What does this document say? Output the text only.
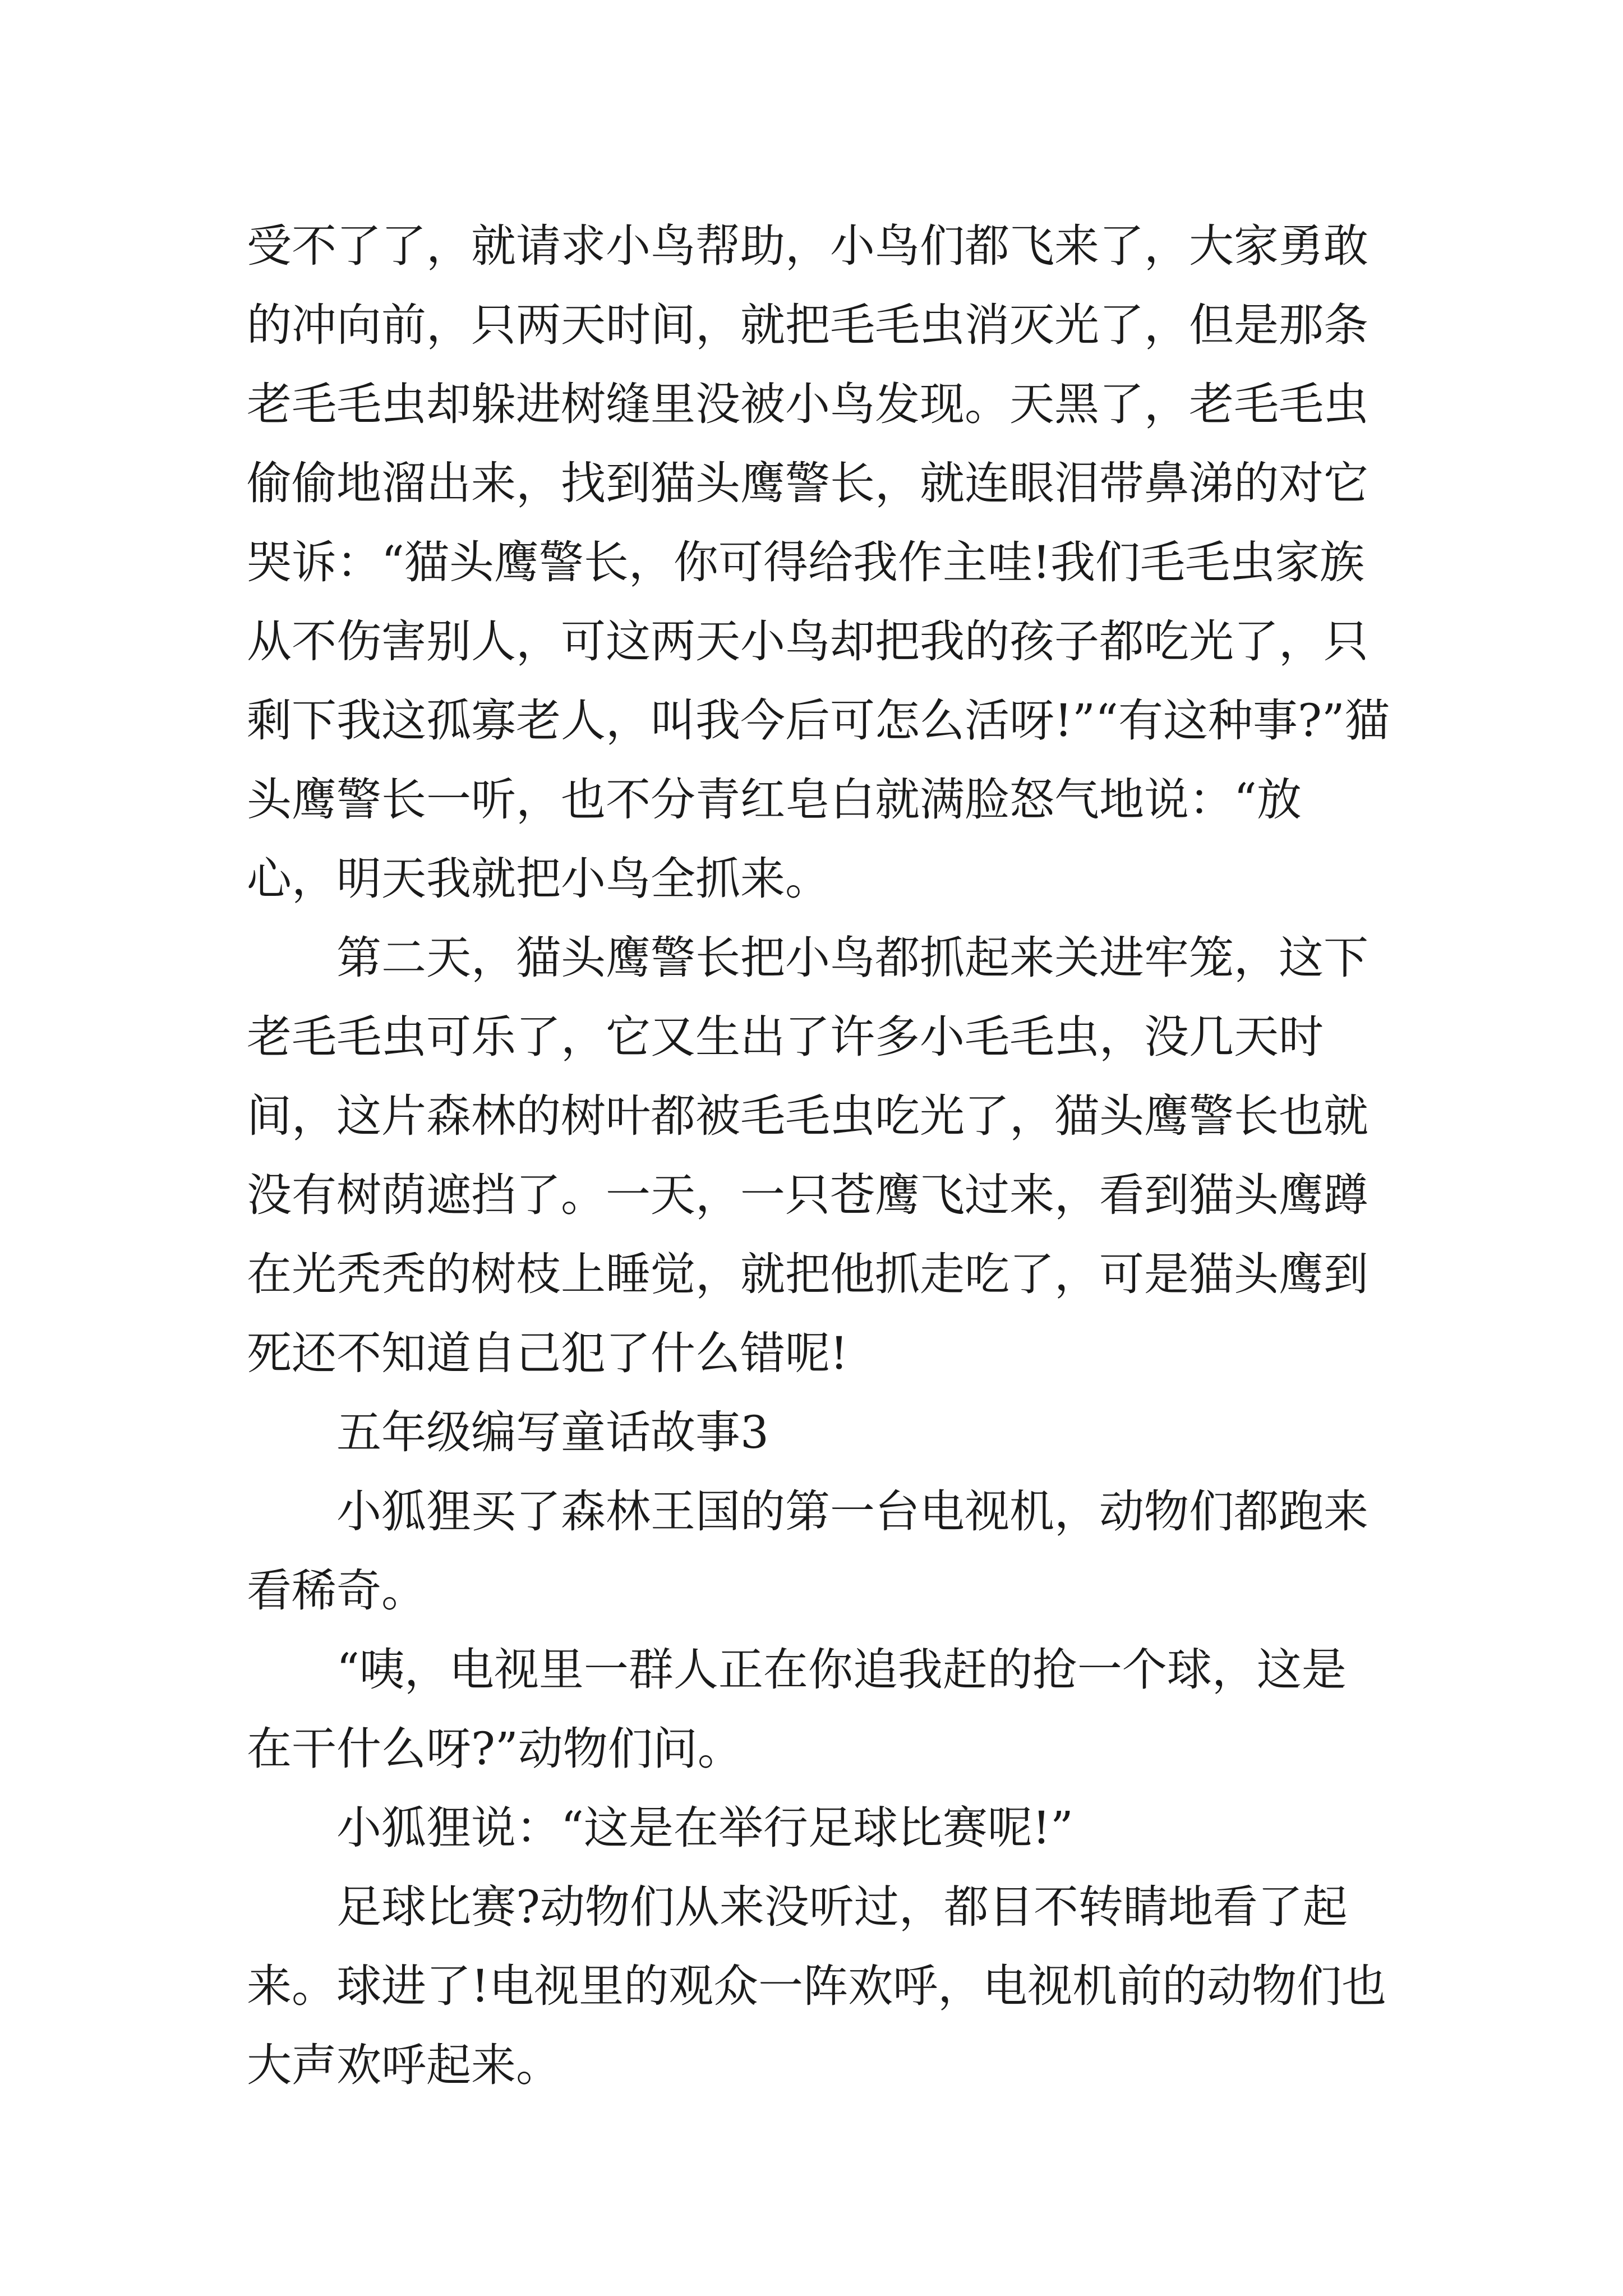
受不了了，就请求小鸟帮助，小鸟们都飞来了，大家勇敢的冲向前，只两天时间，就把毛毛虫消灭光了，但是那条老毛毛虫却躲进树缝里没被小鸟发现。天黑了，老毛毛虫偷偷地溜出来，找到猫头鹰警长，就连眼泪带鼻涕的对它哭诉：“猫头鹰警长，你可得给我作主哇!我们毛毛虫家族从不伤害别人，可这两天小鸟却把我的孩子都吃光了，只剩下我这孤寡老人，叫我今后可怎么活呀!”“有这种事?”猫头鹰警长一听，也不分青红皂白就满脸怒气地说：“放心，明天我就把小鸟全抓来。

第二天，猫头鹰警长把小鸟都抓起来关进牢笼，这下老毛毛虫可乐了，它又生出了许多小毛毛虫，没几天时间，这片森林的树叶都被毛毛虫吃光了，猫头鹰警长也就没有树荫遮挡了。一天，一只苍鹰飞过来，看到猫头鹰蹲在光秃秃的树枝上睡觉，就把他抓走吃了，可是猫头鹰到死还不知道自己犯了什么错呢!

五年级编写童话故事3

小狐狸买了森林王国的第一台电视机，动物们都跑来看稀奇。

“咦，电视里一群人正在你追我赶的抢一个球，这是在干什么呀?”动物们问。

小狐狸说：“这是在举行足球比赛呢!”

足球比赛?动物们从来没听过，都目不转睛地看了起来。球进了!电视里的观众一阵欢呼，电视机前的动物们也大声欢呼起来。
